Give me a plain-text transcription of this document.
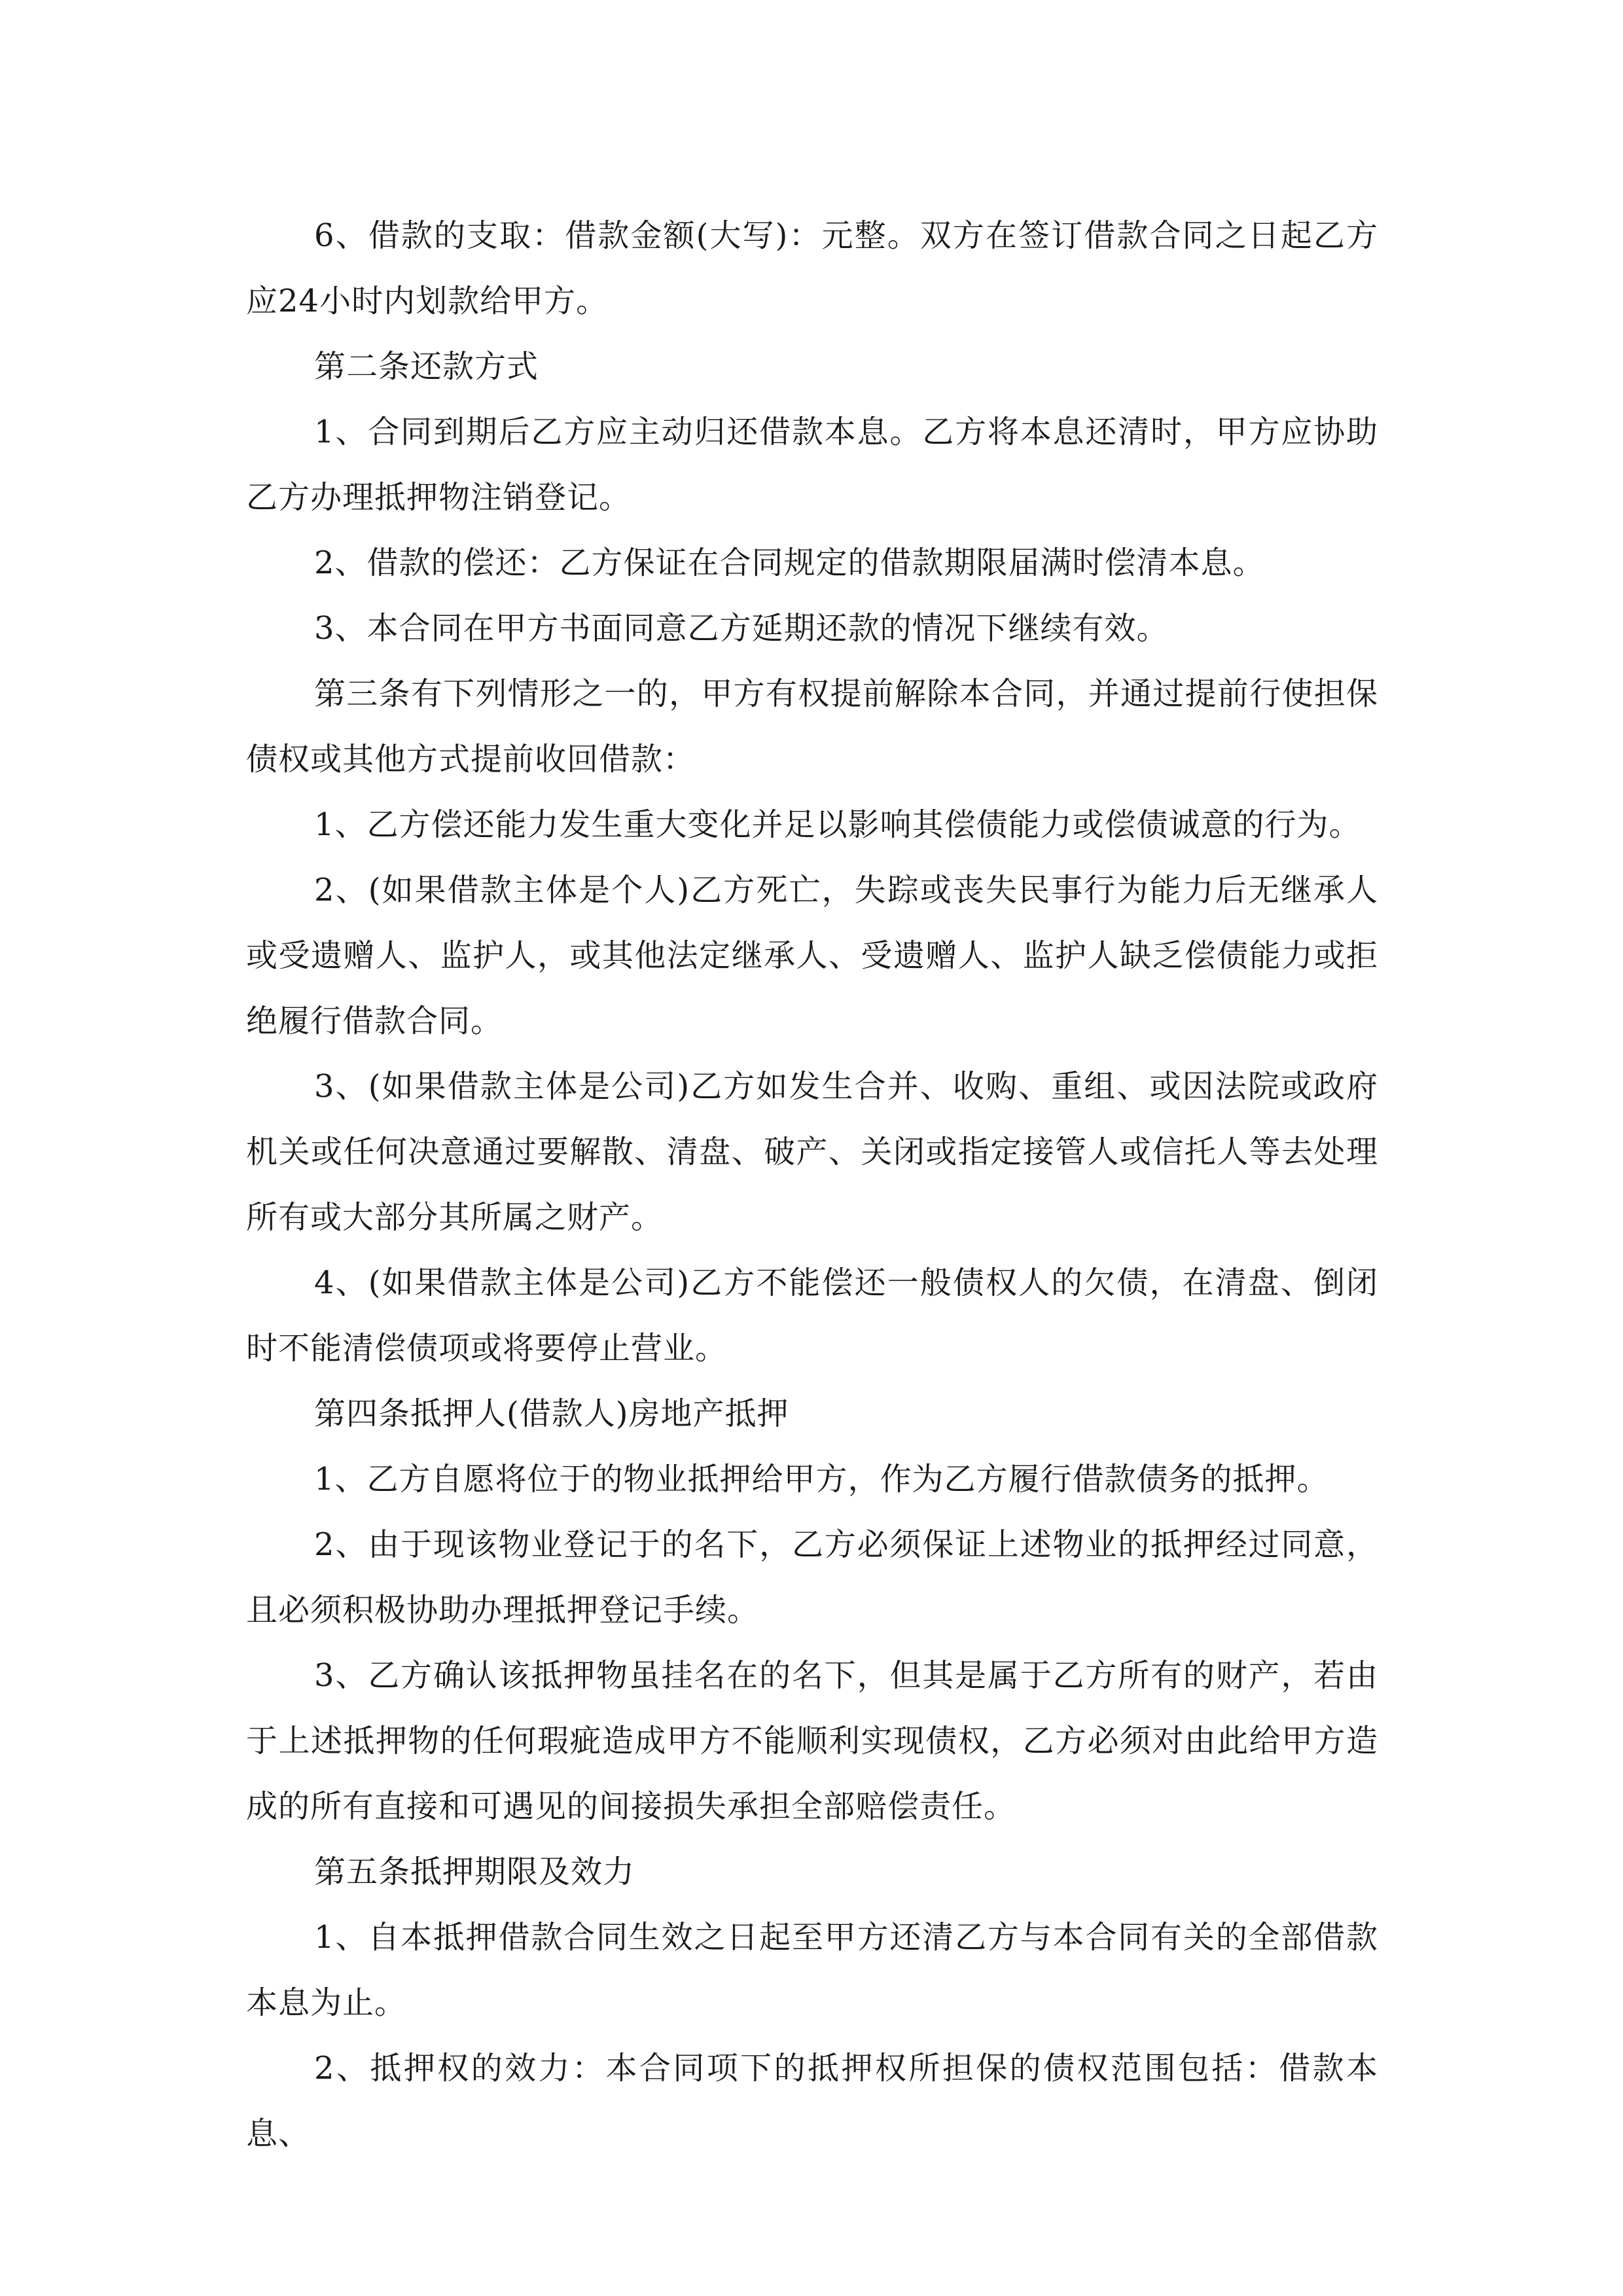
6、借款的支取：借款金额(大写)：元整。双方在签订借款合同之日起乙方应24小时内划款给甲方。

第二条还款方式

1、合同到期后乙方应主动归还借款本息。乙方将本息还清时，甲方应协助乙方办理抵押物注销登记。

2、借款的偿还：乙方保证在合同规定的借款期限届满时偿清本息。

3、本合同在甲方书面同意乙方延期还款的情况下继续有效。

第三条有下列情形之一的，甲方有权提前解除本合同，并通过提前行使担保债权或其他方式提前收回借款：

1、乙方偿还能力发生重大变化并足以影响其偿债能力或偿债诚意的行为。

2、(如果借款主体是个人)乙方死亡，失踪或丧失民事行为能力后无继承人或受遗赠人、监护人，或其他法定继承人、受遗赠人、监护人缺乏偿债能力或拒绝履行借款合同。

3、(如果借款主体是公司)乙方如发生合并、收购、重组、或因法院或政府机关或任何决意通过要解散、清盘、破产、关闭或指定接管人或信托人等去处理所有或大部分其所属之财产。

4、(如果借款主体是公司)乙方不能偿还一般债权人的欠债，在清盘、倒闭时不能清偿债项或将要停止营业。

第四条抵押人(借款人)房地产抵押

1、乙方自愿将位于的物业抵押给甲方，作为乙方履行借款债务的抵押。

2、由于现该物业登记于的名下，乙方必须保证上述物业的抵押经过同意，且必须积极协助办理抵押登记手续。

3、乙方确认该抵押物虽挂名在的名下，但其是属于乙方所有的财产，若由于上述抵押物的任何瑕疵造成甲方不能顺利实现债权，乙方必须对由此给甲方造成的所有直接和可遇见的间接损失承担全部赔偿责任。

第五条抵押期限及效力

1、自本抵押借款合同生效之日起至甲方还清乙方与本合同有关的全部借款本息为止。

2、抵押权的效力：本合同项下的抵押权所担保的债权范围包括：借款本息、
